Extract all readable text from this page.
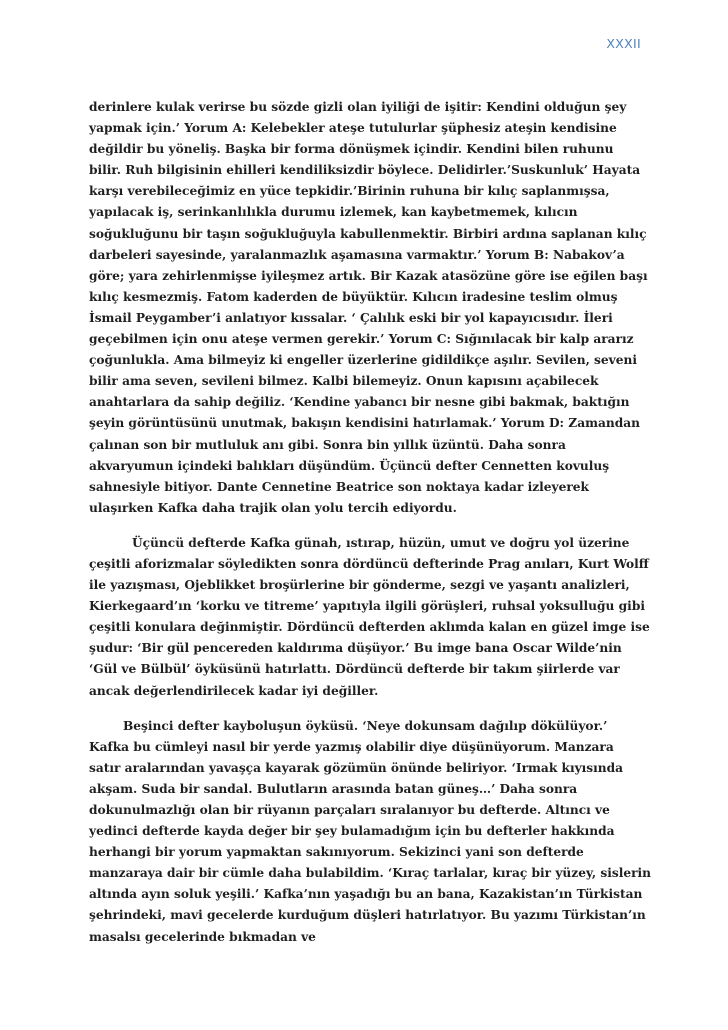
XXXII

derinlere kulak verirse bu sözde gizli olan iyiliği de işitir: Kendini olduğun şey
yapmak için.’ Yorum A: Kelebekler ateşe tutulurlar şüphesiz ateşin kendisine
değildir bu yöneliş. Başka bir forma dönüşmek içindir. Kendini bilen ruhunu
bilir. Ruh bilgisinin ehilleri kendiliksizdir böylece. Delidirler.’Suskunluk’ Hayata
karşı verebileceğimiz en yüce tepkidir.’Birinin ruhuna bir kılıç saplanmışsa,
yapılacak iş, serinkanlılıkla durumu izlemek, kan kaybetmemek, kılıcın
soğukluğunu bir taşın soğukluğuyla kabullenmektir. Birbiri ardına saplanan kılıç
darbeleri sayesinde, yaralanmazlık aşamasına varmaktır.’ Yorum B: Nabakov’a
göre; yara zehirlenmişse iyileşmez artık. Bir Kazak atasözüne göre ise eğilen başı
kılıç kesmezmiş. Fatom kaderden de büyüktür. Kılıcın iradesine teslim olmuş
İsmail Peygamber’i anlatıyor kıssalar. ‘ Çalılık eski bir yol kapayıcısıdır. İleri
geçebilmen için onu ateşe vermen gerekir.’ Yorum C: Sığınılacak bir kalp ararız
çoğunlukla. Ama bilmeyiz ki engeller üzerlerine gidildikçe aşılır. Sevilen, seveni
bilir ama seven, sevileni bilmez. Kalbi bilemeyiz. Onun kapısını açabilecek
anahtarlara da sahip değiliz. ‘Kendine yabancı bir nesne gibi bakmak, baktığın
şeyin görüntüsünü unutmak, bakışın kendisini hatırlamak.’ Yorum D: Zamandan
çalınan son bir mutluluk anı gibi. Sonra bin yıllık üzüntü. Daha sonra
akvaryumun içindeki balıkları düşündüm. Üçüncü defter Cennetten kovuluş
sahnesiyle bitiyor. Dante Cennetine Beatrice son noktaya kadar izleyerek
ulaşırken Kafka daha trajik olan yolu tercih ediyordu.

Üçüncü defterde Kafka günah, ıstırap, hüzün, umut ve doğru yol üzerine
çeşitli aforizmalar söyledikten sonra dördüncü defterinde Prag anıları, Kurt Wolff
ile yazışması, Ojeblikket broşürlerine bir gönderme, sezgi ve yaşantı analizleri,
Kierkegaard’ın ‘korku ve titreme’ yapıtıyla ilgili görüşleri, ruhsal yoksulluğu gibi
çeşitli konulara değinmiştir. Dördüncü defterden aklımda kalan en güzel imge ise
şudur: ‘Bir gül pencereden kaldırıma düşüyor.’ Bu imge bana Oscar Wilde’nin
‘Gül ve Bülbül’ öyküsünü hatırlattı. Dördüncü defterde bir takım şiirlerde var
ancak değerlendirilecek kadar iyi değiller.

Beşinci defter kayboluşun öyküsü. ‘Neye dokunsam dağılıp dökülüyor.’
Kafka bu cümleyi nasıl bir yerde yazmış olabilir diye düşünüyorum. Manzara
satır aralarından yavaşça kayarak gözümün önünde beliriyor. ‘Irmak kıyısında
akşam. Suda bir sandal. Bulutların arasında batan güneş…’ Daha sonra
dokunulmazlığı olan bir rüyanın parçaları sıralanıyor bu defterde. Altıncı ve
yedinci defterde kayda değer bir şey bulamadığım için bu defterler hakkında
herhangi bir yorum yapmaktan sakınıyorum. Sekizinci yani son defterde
manzaraya dair bir cümle daha bulabildim. ‘Kıraç tarlalar, kıraç bir yüzey, sislerin
altında ayın soluk yeşili.’ Kafka’nın yaşadığı bu an bana, Kazakistan’ın Türkistan
şehrindeki, mavi gecelerde kurduğum düşleri hatırlatıyor. Bu yazımı Türkistan’ın
masalsı gecelerinde bıkmadan ve
